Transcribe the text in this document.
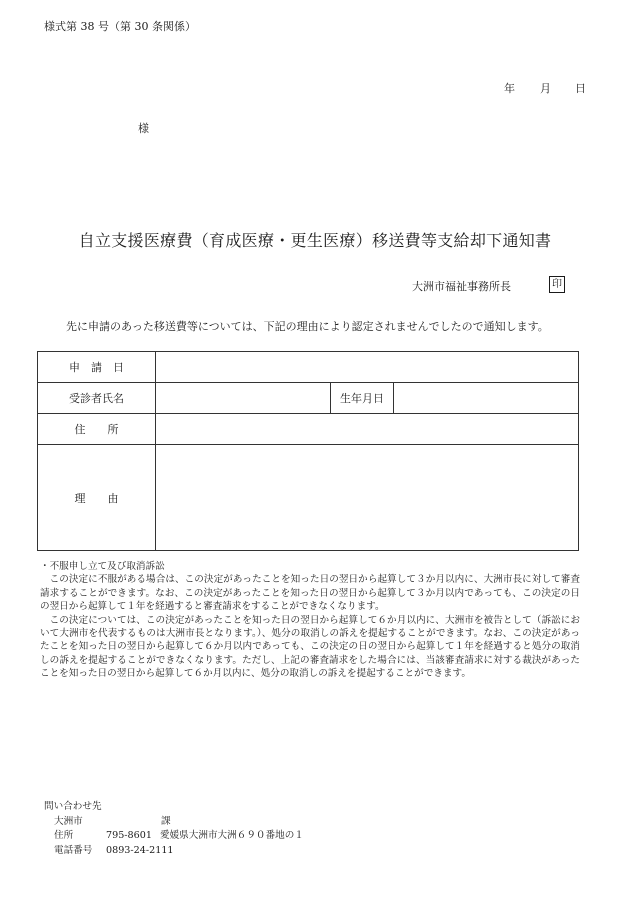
様式第 38 号（第 30 条関係）
年 月 日
様
自立支援医療費（育成医療・更生医療）移送費等支給却下通知書
大洲市福祉事務所長	印
先に申請のあった移送費等については、下記の理由により認定されませんでしたので通知します。
申　請　日			
受診者氏名		生年月日	
住　　所			
理　　由			

・不服申し立て及び取消訴訟

この決定に不服がある場合は、この決定があったことを知った日の翌日から起算して３か月以内に、大洲市長に対して審査請求することができます。なお、この決定があったことを知った日の翌日から起算して３か月以内であっても、この決定の日の翌日から起算して１年を経過すると審査請求をすることができなくなります。

この決定については、この決定があったことを知った日の翌日から起算して６か月以内に、大洲市を被告として（訴訟において大洲市を代表するものは大洲市長となります。）、処分の取消しの訴えを提起することができます。なお、この決定があったことを知った日の翌日から起算して６か月以内であっても、この決定の日の翌日から起算して１年を経過すると処分の取消しの訴えを提起することができなくなります。ただし、上記の審査請求をした場合には、当該審査請求に対する裁決があったことを知った日の翌日から起算して６か月以内に、処分の取消しの訴えを提起することができます。

問い合わせ先
大洲市	課
住所	795-8601 愛媛県大洲市大洲６９０番地の１
電話番号 0893-24-2111
